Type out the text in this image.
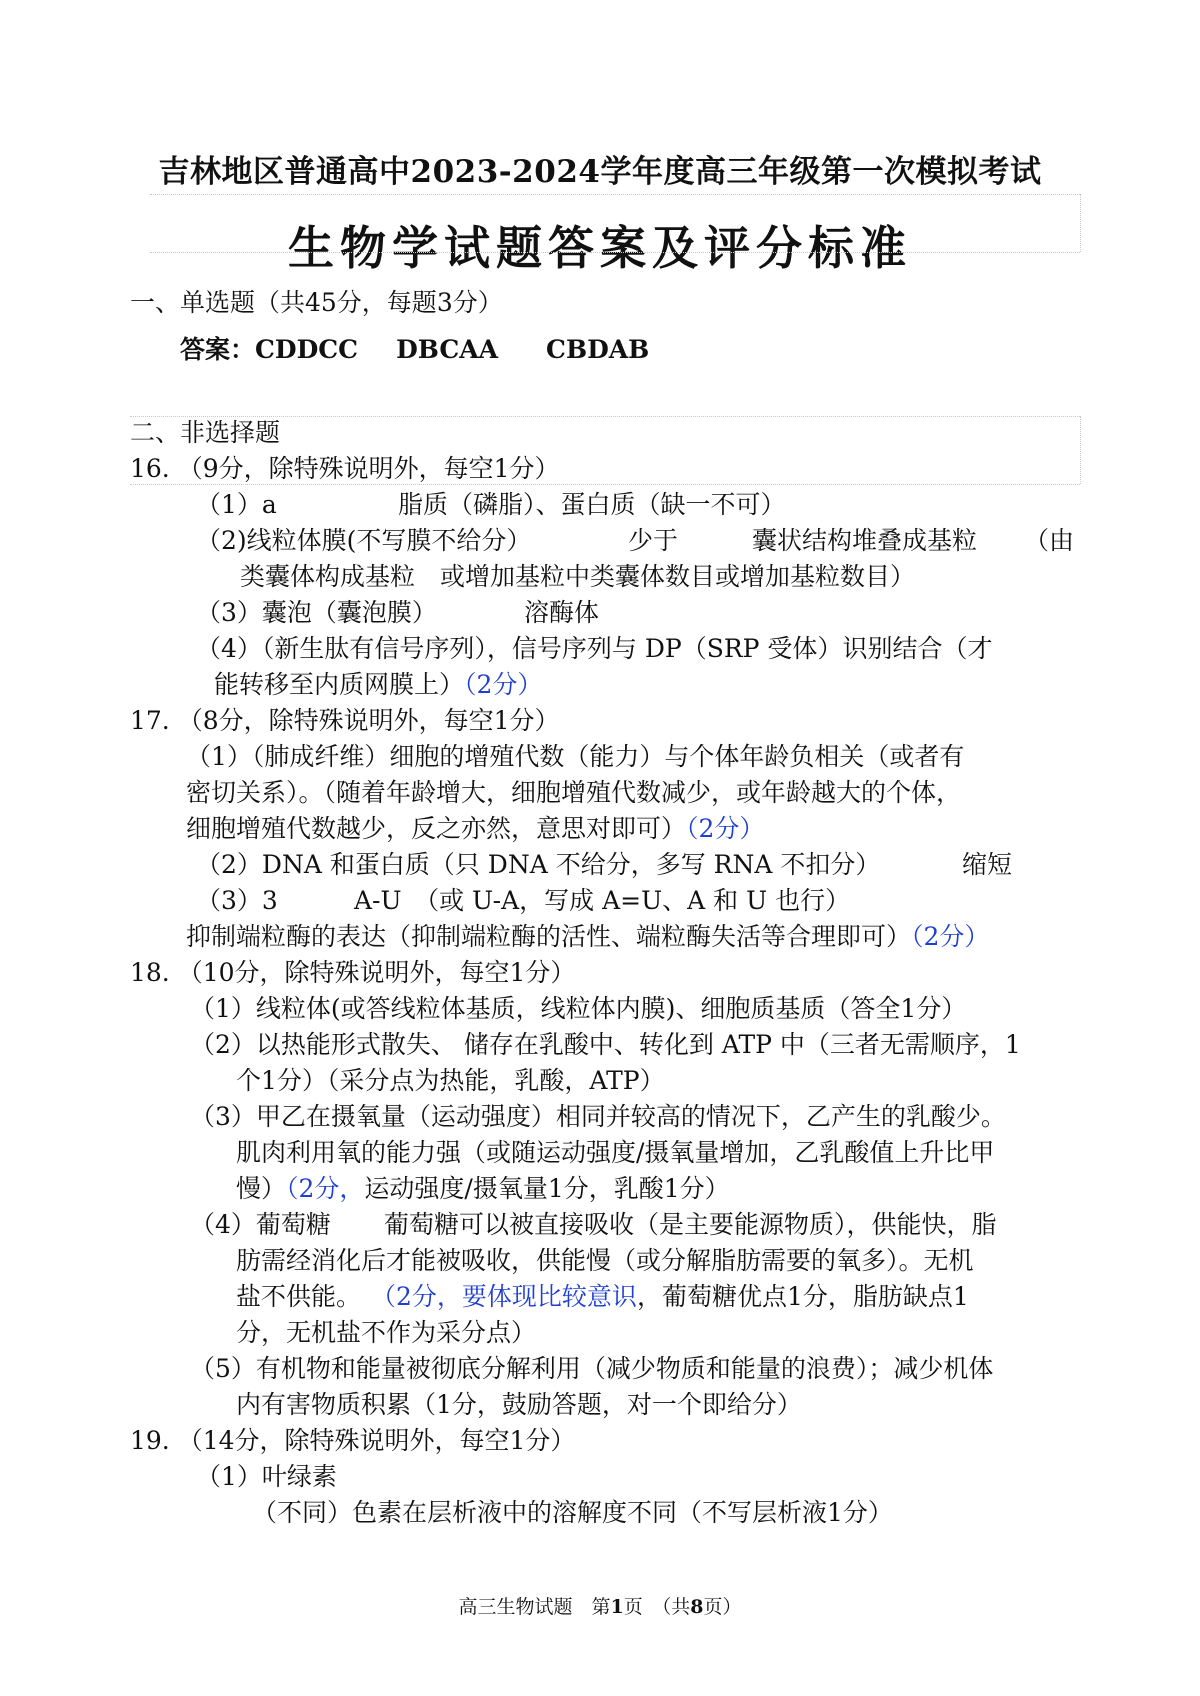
吉林地区普通高中2023-2024学年度高三年级第一次模拟考试
生物学试题答案及评分标准
一、单选题（共45分，每题3分）
答案：CDDCC DBCAA CBDAB
二、非选择题
16. （9分，除特殊说明外，每空1分）
（1）a	脂质（磷脂）、蛋白质（缺一不可）
（2)线粒体膜(不写膜不给分）	少于	囊状结构堆叠成基粒 （由
类囊体构成基粒　或增加基粒中类囊体数目或增加基粒数目）
（3）囊泡（囊泡膜）	溶酶体
（4）（新生肽有信号序列），信号序列与 DP（SRP 受体）识别结合（才
能转移至内质网膜上）（2分）
17. （8分，除特殊说明外，每空1分）
（1）（肺成纤维）细胞的增殖代数（能力）与个体年龄负相关（或者有
密切关系）。（随着年龄增大，细胞增殖代数减少，或年龄越大的个体，
细胞增殖代数越少，反之亦然，意思对即可）（2分）
（2）DNA 和蛋白质（只 DNA 不给分，多写 RNA 不扣分）	缩短
（3）3	A-U　（或 U-A，写成 A=U、A 和 U 也行）
抑制端粒酶的表达（抑制端粒酶的活性、端粒酶失活等合理即可）（2分）
18. （10分，除特殊说明外，每空1分）
（1）线粒体(或答线粒体基质，线粒体内膜)、细胞质基质（答全1分）
（2）以热能形式散失、 储存在乳酸中、转化到 ATP 中（三者无需顺序，1
个1分）（采分点为热能，乳酸，ATP）
（3）甲乙在摄氧量（运动强度）相同并较高的情况下，乙产生的乳酸少。
肌肉利用氧的能力强（或随运动强度/摄氧量增加，乙乳酸值上升比甲
慢）（2分，运动强度/摄氧量1分，乳酸1分）
（4）葡萄糖 葡萄糖可以被直接吸收（是主要能源物质），供能快，脂
肪需经消化后才能被吸收，供能慢（或分解脂肪需要的氧多）。无机
盐不供能。 （2分，要体现比较意识，葡萄糖优点1分，脂肪缺点1
分，无机盐不作为采分点）
（5）有机物和能量被彻底分解利用（减少物质和能量的浪费）；减少机体
内有害物质积累（1分，鼓励答题，对一个即给分）
19. （14分，除特殊说明外，每空1分）
（1）叶绿素
（不同）色素在层析液中的溶解度不同（不写层析液1分）
高三生物试题　第1页　（共8页）
